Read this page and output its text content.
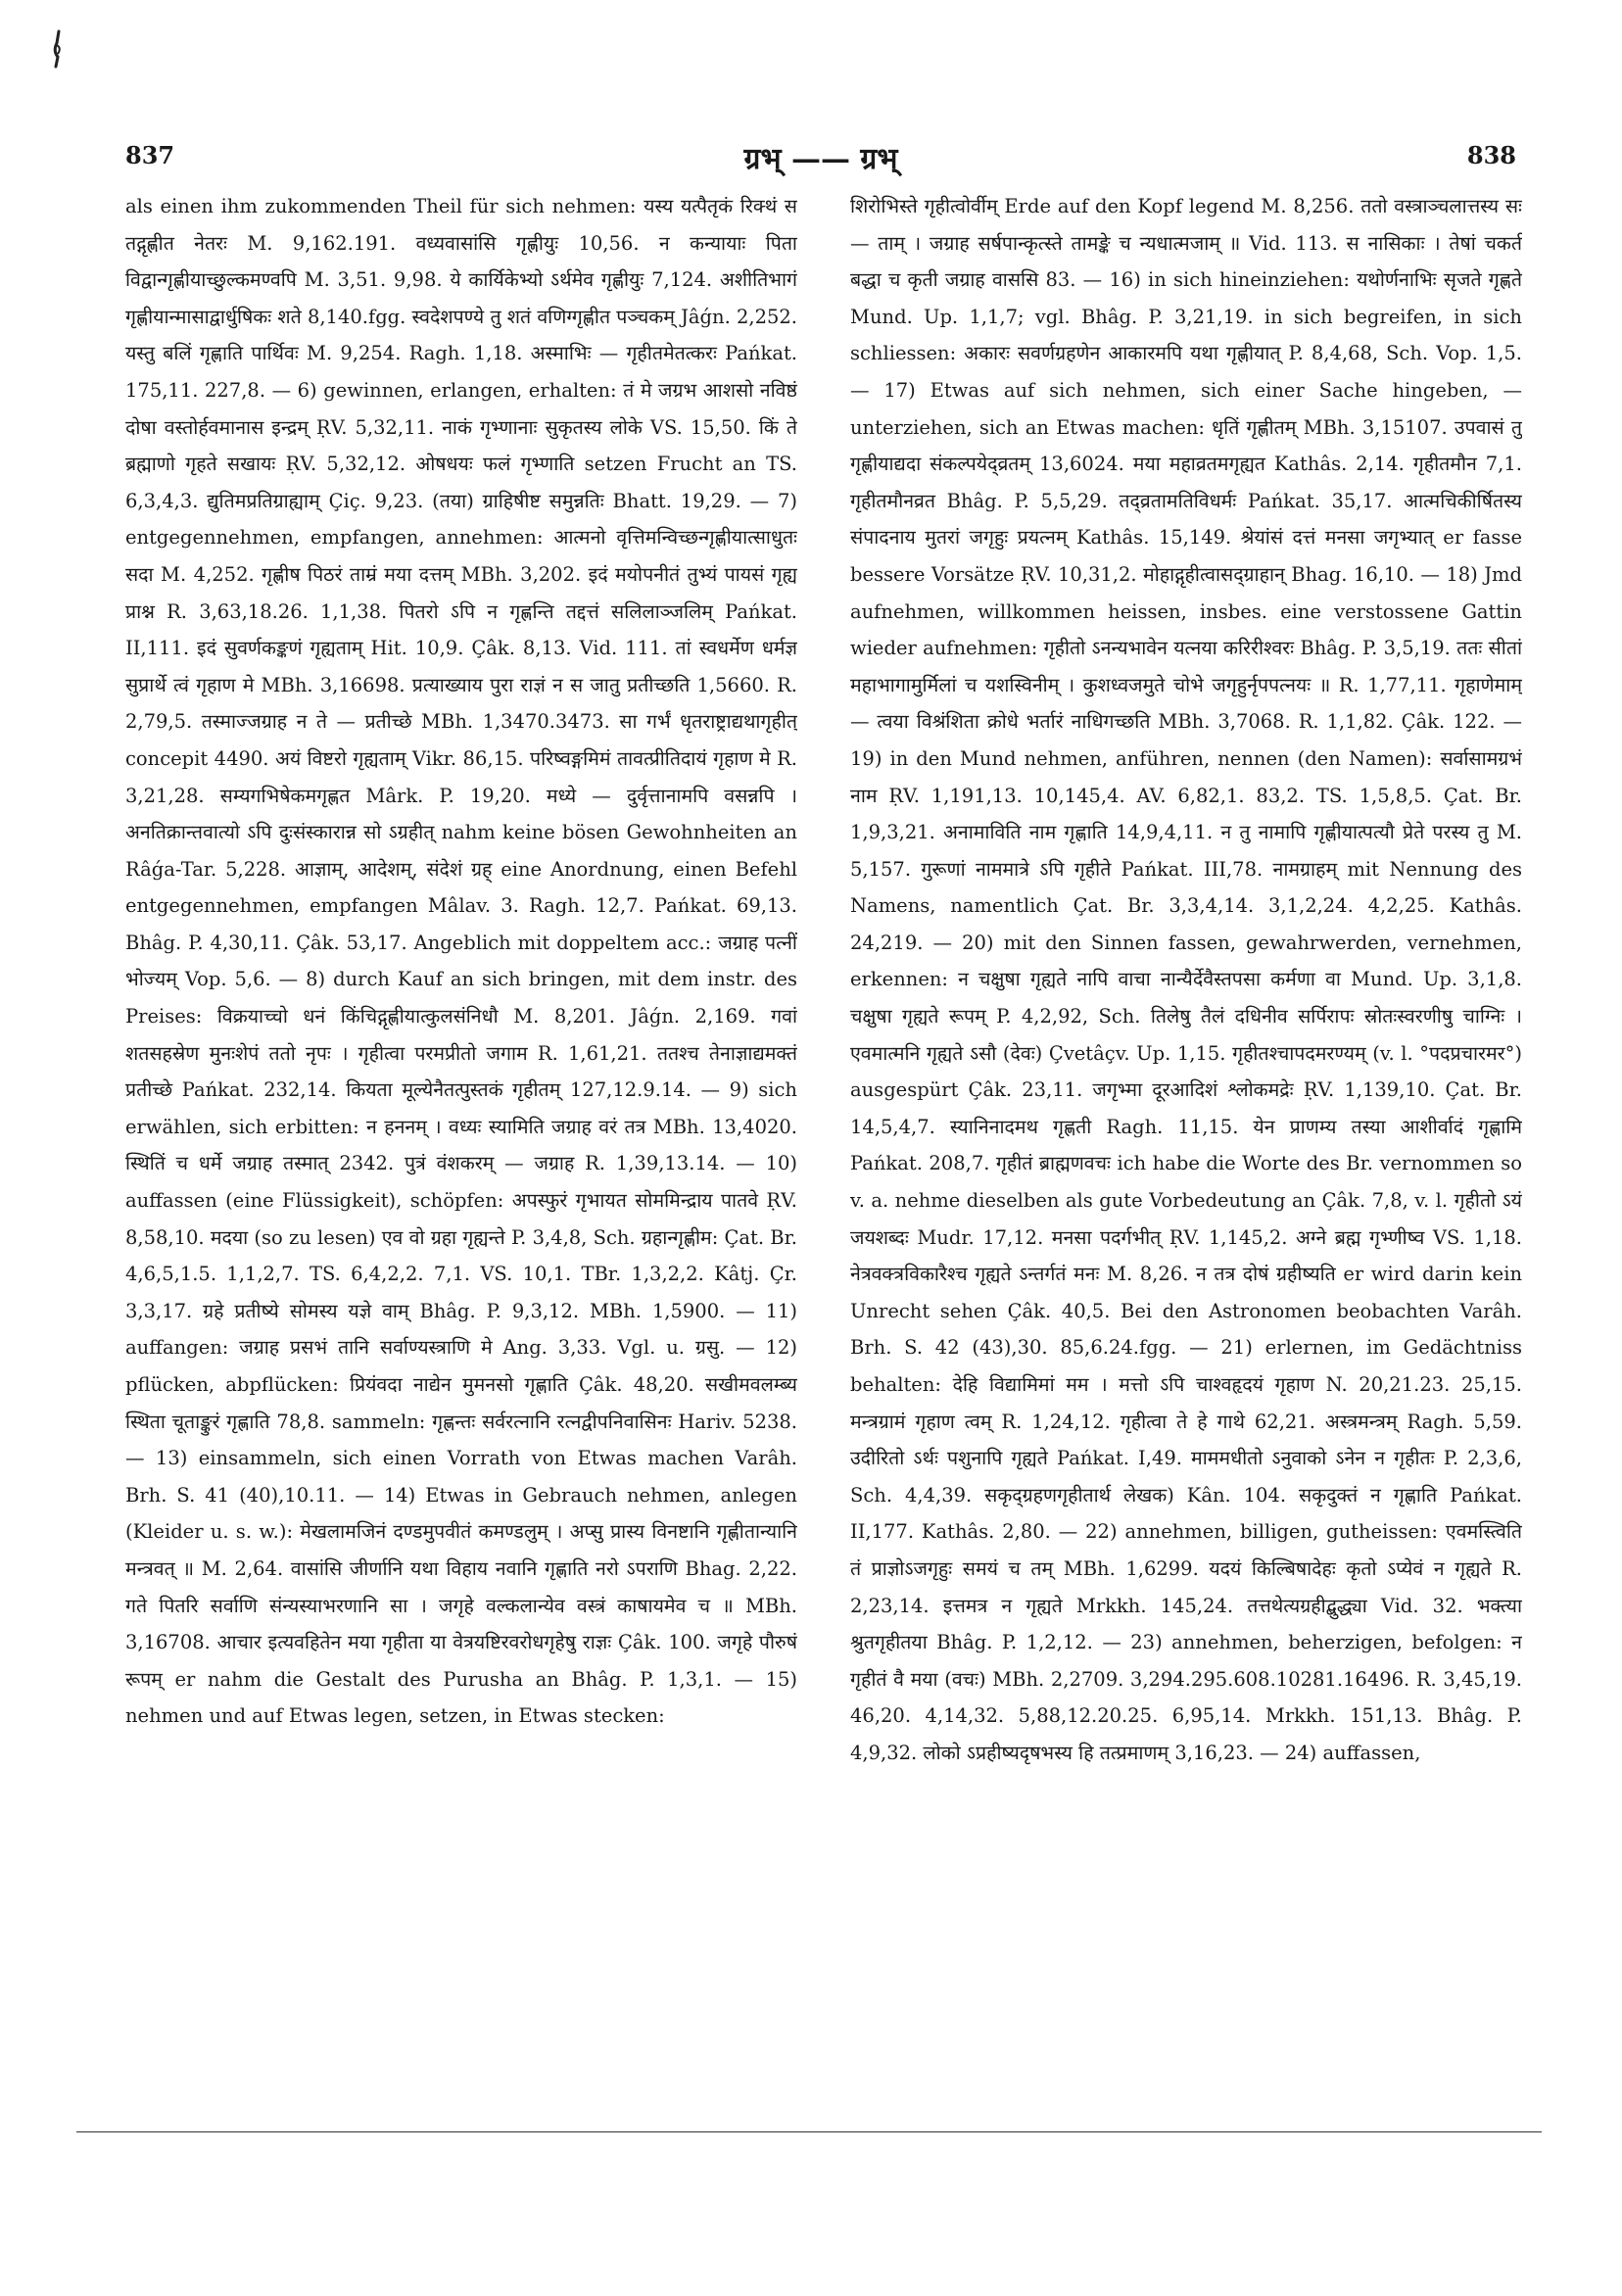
837	ग्रभ् —— ग्रभ्	838

als einen ihm zukommenden Theil für sich nehmen: यस्य यत्पैतृकं रिक्थं स तद्गृह्णीत नेतरः M. 9,162.191. वध्यवासांसि गृह्णीयुः 10,56. न कन्यायाः पिता विद्वान्गृह्णीयाच्छुल्कमण्वपि M. 3,51. 9,98. ये कार्यिकेभ्यो ऽर्थमेव गृह्णीयुः 7,124. अशीतिभागं गृह्णीयान्मासाद्वार्धुषिकः शते 8,140.fgg. स्वदेशपण्ये तु शतं वणिग्गृह्णीत पञ्चकम् Jâǵn. 2,252. यस्तु बलिं गृह्णाति पार्थिवः M. 9,254. Ragh. 1,18. अस्माभिः — गृहीतमेतत्करः Pańkat. 175,11. 227,8. — 6) gewinnen, erlangen, erhalten: तं मे जग्रभ आशसो नविष्ठं दोषा वस्तोर्हवमानास इन्द्रम् ṚV. 5,32,11. नाकं गृभ्णानाः सुकृतस्य लोके VS. 15,50. किं ते ब्रह्माणो गृहते सखायः ṚV. 5,32,12. ओषधयः फलं गृभ्णाति setzen Frucht an TS. 6,3,4,3. द्युतिमप्रतिग्राह्याम् Çiç. 9,23. (तया) ग्राहिषीष्ट समुन्नतिः Bhatt. 19,29. — 7) entgegennehmen, empfangen, annehmen: आत्मनो वृत्तिमन्विच्छन्गृह्णीयात्साधुतः सदा M. 4,252. गृह्णीष पिठरं ताम्रं मया दत्तम् MBh. 3,202. इदं मयोपनीतं तुभ्यं पायसं गृह्य प्राश्न R. 3,63,18.26. 1,1,38. पितरो ऽपि न गृह्णन्ति तद्दत्तं सलिलाञ्जलिम् Pańkat. II,111. इदं सुवर्णकङ्कणं गृह्यताम् Hit. 10,9. Çâk. 8,13. Vid. 111. तां स्वधर्मेण धर्मज्ञ सुप्रार्थे त्वं गृहाण मे MBh. 3,16698. प्रत्याख्याय पुरा राज्ञं न स जातु प्रतीच्छति 1,5660. R. 2,79,5. तस्माज्जग्राह न ते — प्रतीच्छे MBh. 1,3470.3473. सा गर्भं धृतराष्ट्राद्यथागृहीत् concepit 4490. अयं विष्टरो गृह्यताम् Vikr. 86,15. परिष्वङ्गमिमं तावत्प्रीतिदायं गृहाण मे R. 3,21,28. सम्यगभिषेकमगृह्णत Mârk. P. 19,20. मध्ये — दुर्वृत्तानामपि वसन्नपि । अनतिक्रान्तवात्यो ऽपि दुःसंस्कारान्न सो ऽग्रहीत् nahm keine bösen Gewohnheiten an Râǵa-Tar. 5,228. आज्ञाम्, आदेशम्, संदेशं ग्रह् eine Anordnung, einen Befehl entgegennehmen, empfangen Mâlav. 3. Ragh. 12,7. Pańkat. 69,13. Bhâg. P. 4,30,11. Çâk. 53,17. Angeblich mit doppeltem acc.: जग्राह पत्नीं भोज्यम् Vop. 5,6. — 8) durch Kauf an sich bringen, mit dem instr. des Preises: विक्रयाच्चो धनं किंचिद्गृह्णीयात्कुलसंनिधौ M. 8,201. Jâǵn. 2,169. गवां शतसहस्रेण मुनःशेपं ततो नृपः । गृहीत्वा परमप्रीतो जगाम R. 1,61,21. ततश्च तेनाज्ञाद्यमक्तं प्रतीच्छे Pańkat. 232,14. कियता मूल्येनैतत्पुस्तकं गृहीतम् 127,12.9.14. — 9) sich erwählen, sich erbitten: न हननम् । वध्यः स्यामिति जग्राह वरं तत्र MBh. 13,4020. स्थितिं च धर्मे जग्राह तस्मात् 2342. पुत्रं वंशकरम् — जग्राह R. 1,39,13.14. — 10) auffassen (eine Flüssigkeit), schöpfen: अपस्फुरं गृभायत सोममिन्द्राय पातवे ṚV. 8,58,10. मदया (so zu lesen) एव वो ग्रहा गृह्यन्ते P. 3,4,8, Sch. ग्रहान्गृह्णीम: Çat. Br. 4,6,5,1.5. 1,1,2,7. TS. 6,4,2,2. 7,1. VS. 10,1. TBr. 1,3,2,2. Kâtj. Çr. 3,3,17. ग्रहे प्रतीष्ये सोमस्य यज्ञे वाम् Bhâg. P. 9,3,12. MBh. 1,5900. — 11) auffangen: जग्राह प्रसभं तानि सर्वाण्यस्त्राणि मे Ang. 3,33. Vgl. u. ग्रसु. — 12) pflücken, abpflücken: प्रियंवदा नाद्येन मुमनसो गृह्णाति Çâk. 48,20. सखीमवलम्ब्य स्थिता चूताङ्कुरं गृह्णाति 78,8. sammeln: गृह्णन्तः सर्वरत्नानि रत्नद्वीपनिवासिनः Hariv. 5238. — 13) einsammeln, sich einen Vorrath von Etwas machen Varâh. Brh. S. 41 (40),10.11. — 14) Etwas in Gebrauch nehmen, anlegen (Kleider u. s. w.): मेखलामजिनं दण्डमुपवीतं कमण्डलुम् । अप्सु प्रास्य विनष्टानि गृह्णीतान्यानि मन्त्रवत् ॥ M. 2,64. वासांसि जीर्णानि यथा विहाय नवानि गृह्णाति नरो ऽपराणि Bhag. 2,22. गते पितरि सर्वाणि संन्यस्याभरणानि सा । जगृहे वल्कलान्येव वस्त्रं काषायमेव च ॥ MBh. 3,16708. आचार इत्यवहितेन मया गृहीता या वेत्रयष्टिरवरोधगृहेषु राज्ञः Çâk. 100. जगृहे पौरुषं रूपम् er nahm die Gestalt des Purusha an Bhâg. P. 1,3,1. — 15) nehmen und auf Etwas legen, setzen, in Etwas stecken:

शिरोभिस्ते गृहीत्वोर्वीम् Erde auf den Kopf legend M. 8,256. ततो वस्त्राञ्चलात्तस्य सः — ताम् । जग्राह सर्षपान्कृत्स्ते तामङ्के च न्यधात्मजाम् ॥ Vid. 113. स नासिकाः । तेषां चकर्त बद्धा च कृती जग्राह वाससि 83. — 16) in sich hineinziehen: यथोर्णनाभिः सृजते गृह्णते Mund. Up. 1,1,7; vgl. Bhâg. P. 3,21,19. in sich begreifen, in sich schliessen: अकारः सवर्णग्रहणेन आकारमपि यथा गृह्णीयात् P. 8,4,68, Sch. Vop. 1,5. — 17) Etwas auf sich nehmen, sich einer Sache hingeben, — unterziehen, sich an Etwas machen: धृतिं गृह्णीतम् MBh. 3,15107. उपवासं तु गृह्णीयाद्यदा संकल्पयेद्व्रतम् 13,6024. मया महाव्रतमगृह्यत Kathâs. 2,14. गृहीतमौन 7,1. गृहीतमौनव्रत Bhâg. P. 5,5,29. तद्व्रतामतिविधर्मः Pańkat. 35,17. आत्मचिकीर्षितस्य संपादनाय मुतरां जगृहुः प्रयत्नम् Kathâs. 15,149. श्रेयांसं दत्तं मनसा जगृभ्यात् er fasse bessere Vorsätze ṚV. 10,31,2. मोहाद्गृहीत्वासद्ग्राहान् Bhag. 16,10. — 18) Jmd aufnehmen, willkommen heissen, insbes. eine verstossene Gattin wieder aufnehmen: गृहीतो ऽनन्यभावेन यत्नया करिरीश्वरः Bhâg. P. 3,5,19. ततः सीतां महाभागामुर्मिलां च यशस्विनीम् । कुशध्वजमुते चोभे जगृहुर्नृपपत्नयः ॥ R. 1,77,11. गृहाणेमाम् — त्वया विश्रंशिता क्रोधे भर्तारं नाधिगच्छति MBh. 3,7068. R. 1,1,82. Çâk. 122. — 19) in den Mund nehmen, anführen, nennen (den Namen): सर्वासामग्रभं नाम ṚV. 1,191,13. 10,145,4. AV. 6,82,1. 83,2. TS. 1,5,8,5. Çat. Br. 1,9,3,21. अनामाविति नाम गृह्णाति 14,9,4,11. न तु नामापि गृह्णीयात्पत्यौ प्रेते परस्य तु M. 5,157. गुरूणां नाममात्रे ऽपि गृहीते Pańkat. III,78. नामग्राहम् mit Nennung des Namens, namentlich Çat. Br. 3,3,4,14. 3,1,2,24. 4,2,25. Kathâs. 24,219. — 20) mit den Sinnen fassen, gewahrwerden, vernehmen, erkennen: न चक्षुषा गृह्यते नापि वाचा नान्यैर्देवैस्तपसा कर्मणा वा Mund. Up. 3,1,8. चक्षुषा गृह्यते रूपम् P. 4,2,92, Sch. तिलेषु तैलं दधिनीव सर्पिरापः स्रोतःस्वरणीषु चाग्निः । एवमात्मनि गृह्यते ऽसौ (देवः) Çvetâçv. Up. 1,15. गृहीतश्चापदमरण्यम् (v. l. °पदप्रचारमर°) ausgespürt Çâk. 23,11. जगृभ्मा दूरआदिशं श्लोकमद्रेः ṚV. 1,139,10. Çat. Br. 14,5,4,7. स्यानिनादमथ गृह्णती Ragh. 11,15. येन प्राणम्य तस्या आशीर्वादं गृह्णामि Pańkat. 208,7. गृहीतं ब्राह्मणवचः ich habe die Worte des Br. vernommen so v. a. nehme dieselben als gute Vorbedeutung an Çâk. 7,8, v. l. गृहीतो ऽयं जयशब्दः Mudr. 17,12. मनसा पदर्गभीत् ṚV. 1,145,2. अग्ने ब्रह्म गृभ्णीष्व VS. 1,18. नेत्रवक्त्रविकारैश्च गृह्यते ऽन्तर्गतं मनः M. 8,26. न तत्र दोषं ग्रहीष्यति er wird darin kein Unrecht sehen Çâk. 40,5. Bei den Astronomen beobachten Varâh. Brh. S. 42 (43),30. 85,6.24.fgg. — 21) erlernen, im Gedächtniss behalten: देहि विद्यामिमां मम । मत्तो ऽपि चाश्वहृदयं गृहाण N. 20,21.23. 25,15. मन्त्रग्रामं गृहाण त्वम् R. 1,24,12. गृहीत्वा ते हे गाथे 62,21. अस्त्रमन्त्रम् Ragh. 5,59. उदीरितो ऽर्थः पशुनापि गृह्यते Pańkat. I,49. माममधीतो ऽनुवाको ऽनेन न गृहीतः P. 2,3,6, Sch. 4,4,39. सकृद्ग्रहणगृहीतार्थ लेखक) Kân. 104. सकृदुक्तं न गृह्णाति Pańkat. II,177. Kathâs. 2,80. — 22) annehmen, billigen, gutheissen: एवमस्त्विति तं प्राज्ञोऽजगृहुः समयं च तम् MBh. 1,6299. यदयं किल्बिषादेहः कृतो ऽप्येवं न गृह्यते R. 2,23,14. इत्तमत्र न गृह्यते Mrkkh. 145,24. तत्तथेत्यग्रहीद्बुद्ध्या Vid. 32. भक्त्या श्रुतगृहीतया Bhâg. P. 1,2,12. — 23) annehmen, beherzigen, befolgen: न गृहीतं वै मया (वचः) MBh. 2,2709. 3,294.295.608.10281.16496. R. 3,45,19. 46,20. 4,14,32. 5,88,12.20.25. 6,95,14. Mrkkh. 151,13. Bhâg. P. 4,9,32. लोको ऽप्रहीष्यदृषभस्य हि तत्प्रमाणम् 3,16,23. — 24) auffassen,
